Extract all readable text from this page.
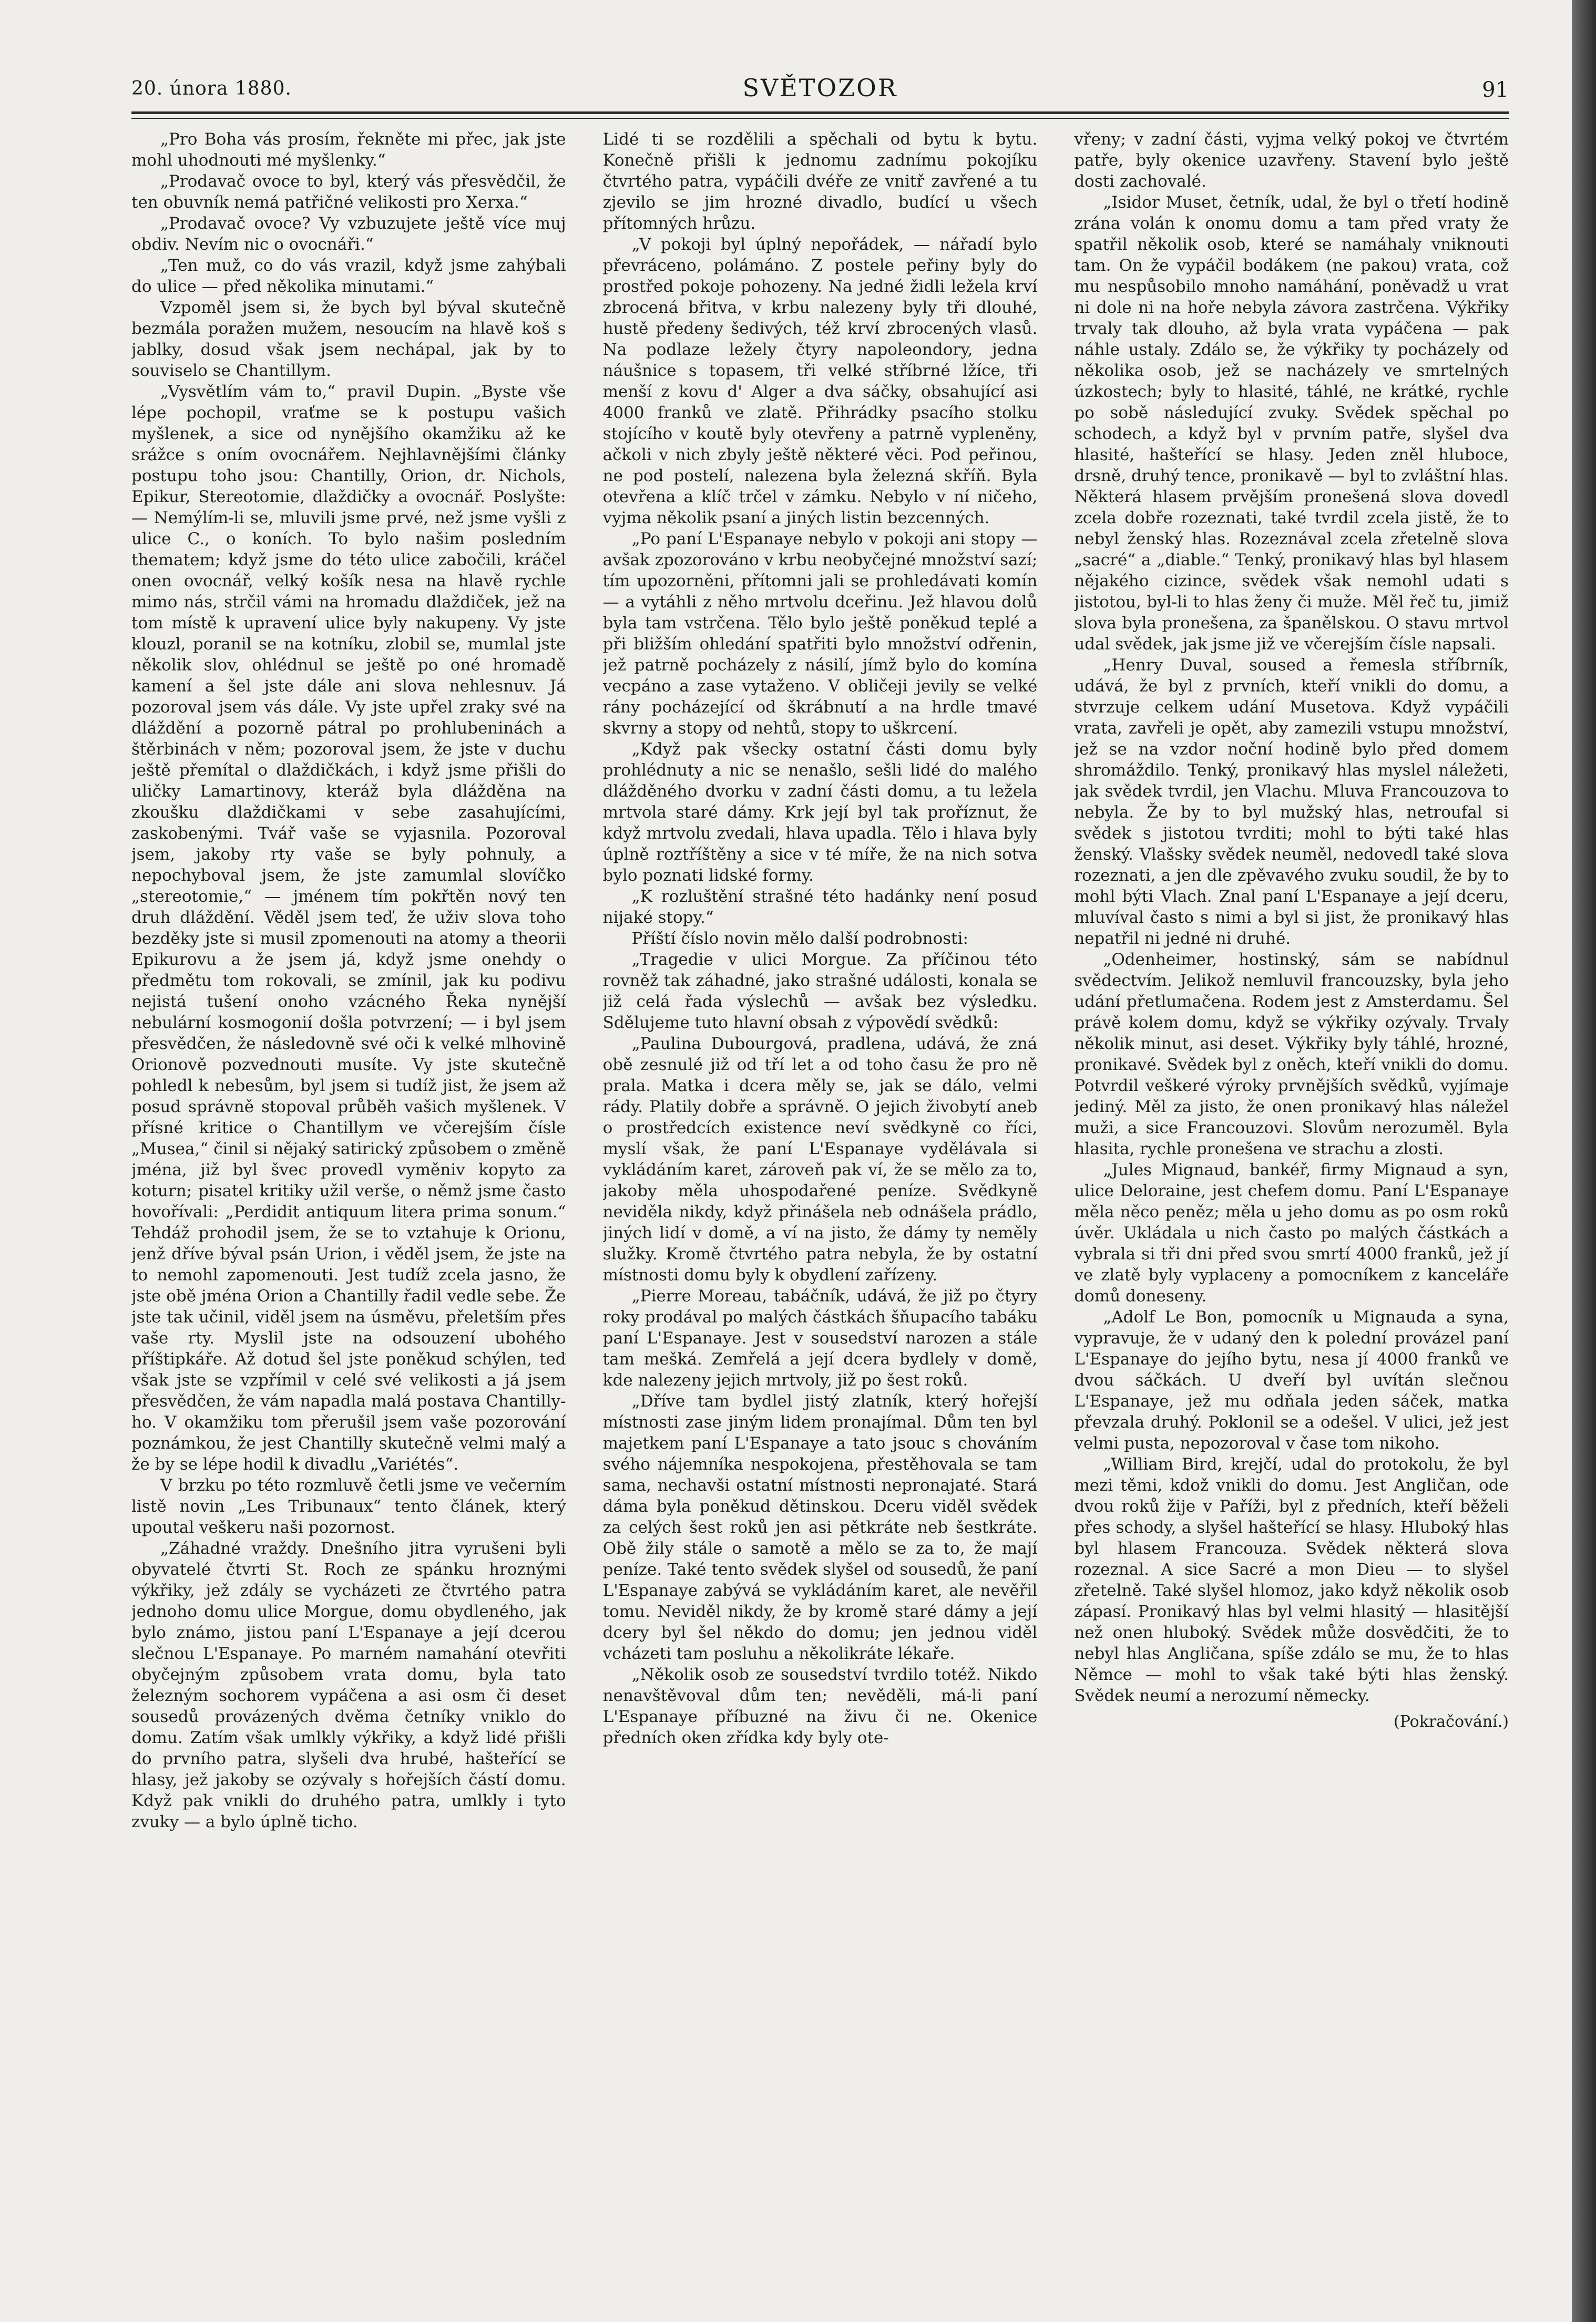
20. února 1880.	SVĚTOZOR	91

„Pro Boha vás prosím, řekněte mi přec, jak jste mohl uhodnouti mé myšlenky.“

„Prodavač ovoce to byl, který vás přesvědčil, že ten obuvník nemá patřičné velikosti pro Xerxa.“

„Prodavač ovoce? Vy vzbuzujete ještě více muj obdiv. Nevím nic o ovocnáři.“

„Ten muž, co do vás vrazil, když jsme zahýbali do ulice — před několika minutami.“

Vzpoměl jsem si, že bych byl býval skutečně bezmála poražen mužem, nesoucím na hlavě koš s jablky, dosud však jsem nechápal, jak by to souviselo se Chantillym.

„Vysvětlím vám to,“ pravil Dupin. „Byste vše lépe pochopil, vraťme se k postupu vašich myšlenek, a sice od nynějšího okamžiku až ke srážce s oním ovocnářem. Nejhlavnějšími články postupu toho jsou: Chantilly, Orion, dr. Nichols, Epikur, Stereotomie, dlaždičky a ovocnář. Poslyšte: — Nemýlím-li se, mluvili jsme prvé, než jsme vyšli z ulice C., o koních. To bylo našim posledním thematem; když jsme do této ulice zabočili, kráčel onen ovocnář, velký košík nesa na hlavě rychle mimo nás, strčil vámi na hromadu dlaždiček, jež na tom místě k upravení ulice byly nakupeny. Vy jste klouzl, poranil se na kotníku, zlobil se, mumlal jste několik slov, ohlédnul se ještě po oné hromadě kamení a šel jste dále ani slova nehlesnuv. Já pozoroval jsem vás dále. Vy jste upřel zraky své na dláždění a pozorně pátral po prohlubeninách a štěrbinách v něm; pozoroval jsem, že jste v duchu ještě přemítal o dlaždičkách, i když jsme přišli do uličky Lamartinovy, kteráž byla dlážděna na zkoušku dlaždičkami v sebe zasahujícími, zaskobenými. Tvář vaše se vyjasnila. Pozoroval jsem, jakoby rty vaše se byly pohnuly, a nepochyboval jsem, že jste zamumlal slovíčko „stereotomie,“ — jménem tím pokřtěn nový ten druh dláždění. Věděl jsem teď, že uživ slova toho bezděky jste si musil zpomenouti na atomy a theorii Epikurovu a že jsem já, když jsme onehdy o předmětu tom rokovali, se zmínil, jak ku podivu nejistá tušení onoho vzácného Řeka nynější nebulární kosmogonií došla potvrzení; — i byl jsem přesvědčen, že následovně své oči k velké mlhovině Orionově pozvednouti musíte. Vy jste skutečně pohledl k nebesům, byl jsem si tudíž jist, že jsem až posud správně stopoval průběh vašich myšlenek. V přísné kritice o Chantillym ve včerejším čísle „Musea,“ činil si nějaký satirický způsobem o změně jména, již byl švec provedl vyměniv kopyto za koturn; pisatel kritiky užil verše, o němž jsme často hovořívali: „Perdidit antiquum litera prima sonum.“ Tehdáž prohodil jsem, že se to vztahuje k Orionu, jenž dříve býval psán Urion, i věděl jsem, že jste na to nemohl zapomenouti. Jest tudíž zcela jasno, že jste obě jména Orion a Chantilly řadil vedle sebe. Že jste tak učinil, viděl jsem na úsměvu, přeletším přes vaše rty. Myslil jste na odsouzení ubohého příštipkáře. Až dotud šel jste poněkud schýlen, teď však jste se vzpřímil v celé své velikosti a já jsem přesvědčen, že vám napadla malá postava Chantilly-ho. V okamžiku tom přerušil jsem vaše pozorování poznámkou, že jest Chantilly skutečně velmi malý a že by se lépe hodil k divadlu „Variétés“.

V brzku po této rozmluvě četli jsme ve večerním listě novin „Les Tribunaux“ tento článek, který upoutal veškeru naši pozornost.

„Záhadné vraždy. Dnešního jitra vyrušeni byli obyvatelé čtvrti St. Roch ze spánku hroznými výkřiky, jež zdály se vycházeti ze čtvrtého patra jednoho domu ulice Morgue, domu obydleného, jak bylo známo, jistou paní L'Espanaye a její dcerou slečnou L'Espanaye. Po marném namahání otevřiti obyčejným způsobem vrata domu, byla tato železným sochorem vypáčena a asi osm či deset sousedů provázených dvěma četníky vniklo do domu. Zatím však umlkly výkřiky, a když lidé přišli do prvního patra, slyšeli dva hrubé, hašteřící se hlasy, jež jakoby se ozývaly s hořejších částí domu. Když pak vnikli do druhého patra, umlkly i tyto zvuky — a bylo úplně ticho.

Lidé ti se rozdělili a spěchali od bytu k bytu. Konečně přišli k jednomu zadnímu pokojíku čtvrtého patra, vypáčili dvéře ze vnitř zavřené a tu zjevilo se jim hrozné divadlo, budící u všech přítomných hrůzu.

„V pokoji byl úplný nepořádek, — nářadí bylo převráceno, polámáno. Z postele peřiny byly do prostřed pokoje pohozeny. Na jedné židli ležela krví zbrocená břitva, v krbu nalezeny byly tři dlouhé, hustě předeny šedivých, též krví zbrocených vlasů. Na podlaze ležely čtyry napoleondory, jedna náušnice s topasem, tři velké stříbrné lžíce, tři menší z kovu d' Alger a dva sáčky, obsahující asi 4000 franků ve zlatě. Přihrádky psacího stolku stojícího v koutě byly otevřeny a patrně vypleněny, ačkoli v nich zbyly ještě některé věci. Pod peřinou, ne pod postelí, nalezena byla železná skříň. Byla otevřena a klíč trčel v zámku. Nebylo v ní ničeho, vyjma několik psaní a jiných listin bezcenných.

„Po paní L'Espanaye nebylo v pokoji ani stopy — avšak zpozorováno v krbu neobyčejné množství sazí; tím upozorněni, přítomni jali se prohledávati komín — a vytáhli z něho mrtvolu dceřinu. Jež hlavou dolů byla tam vstrčena. Tělo bylo ještě poněkud teplé a při bližším ohledání spatřiti bylo množství odřenin, jež patrně pocházely z násilí, jímž bylo do komína vecpáno a zase vytaženo. V obličeji jevily se velké rány pocházející od škrábnutí a na hrdle tmavé skvrny a stopy od nehtů, stopy to uškrcení.

„Když pak všecky ostatní části domu byly prohlédnuty a nic se nenašlo, sešli lidé do malého dlážděného dvorku v zadní části domu, a tu ležela mrtvola staré dámy. Krk její byl tak proříznut, že když mrtvolu zvedali, hlava upadla. Tělo i hlava byly úplně roztříštěny a sice v té míře, že na nich sotva bylo poznati lidské formy.

„K rozluštění strašné této hadánky není posud nijaké stopy.“

Příští číslo novin mělo další podrobnosti:

„Tragedie v ulici Morgue. Za příčinou této rovněž tak záhadné, jako strašné události, konala se již celá řada výslechů — avšak bez výsledku. Sdělujeme tuto hlavní obsah z výpovědí svědků:

„Paulina Dubourgová, pradlena, udává, že zná obě zesnulé již od tří let a od toho času že pro ně prala. Matka i dcera měly se, jak se dálo, velmi rády. Platily dobře a správně. O jejich živobytí aneb o prostředcích existence neví svědkyně co říci, myslí však, že paní L'Espanaye vydělávala si vykládáním karet, zároveň pak ví, že se mělo za to, jakoby měla uhospodařené peníze. Svědkyně neviděla nikdy, když přinášela neb odnášela prádlo, jiných lidí v domě, a ví na jisto, že dámy ty neměly služky. Kromě čtvrtého patra nebyla, že by ostatní místnosti domu byly k obydlení zařízeny.

„Pierre Moreau, tabáčník, udává, že již po čtyry roky prodával po malých částkách šňupacího tabáku paní L'Espanaye. Jest v sousedství narozen a stále tam mešká. Zemřelá a její dcera bydlely v domě, kde nalezeny jejich mrtvoly, již po šest roků.

„Dříve tam bydlel jistý zlatník, který hořejší místnosti zase jiným lidem pronajímal. Dům ten byl majetkem paní L'Espanaye a tato jsouc s chováním svého nájemníka nespokojena, přestěhovala se tam sama, nechavši ostatní místnosti nepronajaté. Stará dáma byla poněkud dětinskou. Dceru viděl svědek za celých šest roků jen asi pětkráte neb šestkráte. Obě žily stále o samotě a mělo se za to, že mají peníze. Také tento svědek slyšel od sousedů, že paní L'Espanaye zabývá se vykládáním karet, ale nevěřil tomu. Neviděl nikdy, že by kromě staré dámy a její dcery byl šel někdo do domu; jen jednou viděl vcházeti tam posluhu a několikráte lékaře.

„Několik osob ze sousedství tvrdilo totéž. Nikdo nenavštěvoval dům ten; nevěděli, má-li paní L'Espanaye příbuzné na živu či ne. Okenice předních oken zřídka kdy byly ote-

vřeny; v zadní části, vyjma velký pokoj ve čtvrtém patře, byly okenice uzavřeny. Stavení bylo ještě dosti zachovalé.

„Isidor Muset, četník, udal, že byl o třetí hodině zrána volán k onomu domu a tam před vraty že spatřil několik osob, které se namáhaly vniknouti tam. On že vypáčil bodákem (ne pakou) vrata, což mu nespůsobilo mnoho namáhání, poněvadž u vrat ni dole ni na hoře nebyla závora zastrčena. Výkřiky trvaly tak dlouho, až byla vrata vypáčena — pak náhle ustaly. Zdálo se, že výkřiky ty pocházely od několika osob, jež se nacházely ve smrtelných úzkostech; byly to hlasité, táhlé, ne krátké, rychle po sobě následující zvuky. Svědek spěchal po schodech, a když byl v prvním patře, slyšel dva hlasité, hašteřící se hlasy. Jeden zněl hluboce, drsně, druhý tence, pronikavě — byl to zvláštní hlas. Některá hlasem prvějším pronešená slova dovedl zcela dobře rozeznati, také tvrdil zcela jistě, že to nebyl ženský hlas. Rozeznával zcela zřetelně slova „sacré“ a „diable.“ Tenký, pronikavý hlas byl hlasem nějakého cizince, svědek však nemohl udati s jistotou, byl-li to hlas ženy či muže. Měl řeč tu, jimiž slova byla pronešena, za španělskou. O stavu mrtvol udal svědek, jak jsme již ve včerejším čísle napsali.

„Henry Duval, soused a řemesla stříbrník, udává, že byl z prvních, kteří vnikli do domu, a stvrzuje celkem udání Musetova. Když vypáčili vrata, zavřeli je opět, aby zamezili vstupu množství, jež se na vzdor noční hodině bylo před domem shromáždilo. Tenký, pronikavý hlas myslel náležeti, jak svědek tvrdil, jen Vlachu. Mluva Francouzova to nebyla. Že by to byl mužský hlas, netroufal si svědek s jistotou tvrditi; mohl to býti také hlas ženský. Vlašsky svědek neuměl, nedovedl také slova rozeznati, a jen dle zpěvavého zvuku soudil, že by to mohl býti Vlach. Znal paní L'Espanaye a její dceru, mluvíval často s nimi a byl si jist, že pronikavý hlas nepatřil ni jedné ni druhé.

„Odenheimer, hostinský, sám se nabídnul svědectvím. Jelikož nemluvil francouzsky, byla jeho udání přetlumačena. Rodem jest z Amsterdamu. Šel právě kolem domu, když se výkřiky ozývaly. Trvaly několik minut, asi deset. Výkřiky byly táhlé, hrozné, pronikavé. Svědek byl z oněch, kteří vnikli do domu. Potvrdil veškeré výroky prvnějších svědků, vyjímaje jediný. Měl za jisto, že onen pronikavý hlas náležel muži, a sice Francouzovi. Slovům nerozuměl. Byla hlasita, rychle pronešena ve strachu a zlosti.

„Jules Mignaud, bankéř, firmy Mignaud a syn, ulice Deloraine, jest chefem domu. Paní L'Espanaye měla něco peněz; měla u jeho domu as po osm roků úvěr. Ukládala u nich často po malých částkách a vybrala si tři dni před svou smrtí 4000 franků, jež jí ve zlatě byly vyplaceny a pomocníkem z kanceláře domů doneseny.

„Adolf Le Bon, pomocník u Mignauda a syna, vypravuje, že v udaný den k polední provázel paní L'Espanaye do jejího bytu, nesa jí 4000 franků ve dvou sáčkách. U dveří byl uvítán slečnou L'Espanaye, jež mu odňala jeden sáček, matka převzala druhý. Poklonil se a odešel. V ulici, jež jest velmi pusta, nepozoroval v čase tom nikoho.

„William Bird, krejčí, udal do protokolu, že byl mezi těmi, kdož vnikli do domu. Jest Angličan, ode dvou roků žije v Paříži, byl z předních, kteří běželi přes schody, a slyšel hašteřící se hlasy. Hluboký hlas byl hlasem Francouza. Svědek některá slova rozeznal. A sice Sacré a mon Dieu — to slyšel zřetelně. Také slyšel hlomoz, jako když několik osob zápasí. Pronikavý hlas byl velmi hlasitý — hlasitější než onen hluboký. Svědek může dosvědčiti, že to nebyl hlas Angličana, spíše zdálo se mu, že to hlas Němce — mohl to však také býti hlas ženský. Svědek neumí a nerozumí německy.

(Pokračování.)
